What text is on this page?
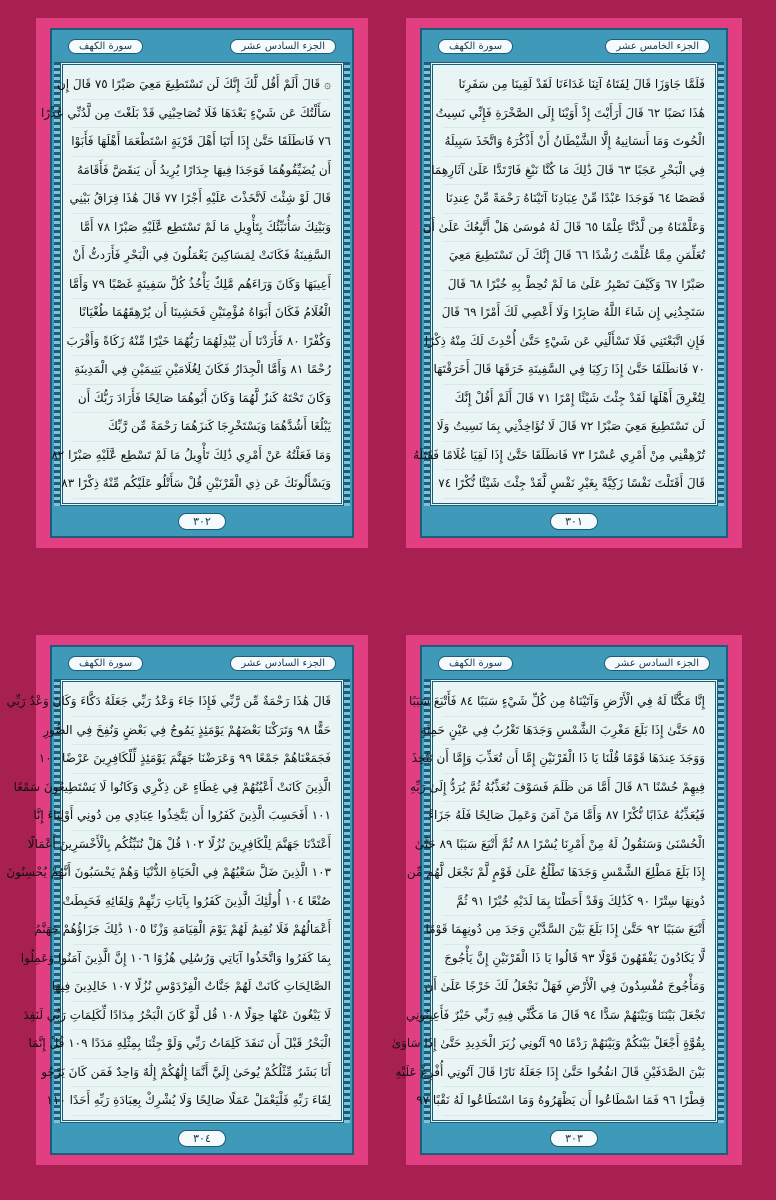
سورة الكهف	الجزء السادس عشر
۞ قَالَ أَلَمْ أَقُل لَّكَ إِنَّكَ لَن تَسْتَطِيعَ مَعِيَ صَبْرًا ٧٥ قَالَ إِن
سَأَلْتُكَ عَن شَيْءٍ بَعْدَهَا فَلَا تُصَاحِبْنِي قَدْ بَلَغْتَ مِن لَّدُنِّي عُذْرًا
٧٦ فَانطَلَقَا حَتَّىٰ إِذَا أَتَيَا أَهْلَ قَرْيَةٍ اسْتَطْعَمَا أَهْلَهَا فَأَبَوْا
أَن يُضَيِّفُوهُمَا فَوَجَدَا فِيهَا جِدَارًا يُرِيدُ أَن يَنقَضَّ فَأَقَامَهُ
قَالَ لَوْ شِئْتَ لَاتَّخَذْتَ عَلَيْهِ أَجْرًا ٧٧ قَالَ هَٰذَا فِرَاقُ بَيْنِي
وَبَيْنِكَ سَأُنَبِّئُكَ بِتَأْوِيلِ مَا لَمْ تَسْتَطِع عَّلَيْهِ صَبْرًا ٧٨ أَمَّا
السَّفِينَةُ فَكَانَتْ لِمَسَاكِينَ يَعْمَلُونَ فِي الْبَحْرِ فَأَرَدتُّ أَنْ
أَعِيبَهَا وَكَانَ وَرَاءَهُم مَّلِكٌ يَأْخُذُ كُلَّ سَفِينَةٍ غَصْبًا ٧٩ وَأَمَّا
الْغُلَامُ فَكَانَ أَبَوَاهُ مُؤْمِنَيْنِ فَخَشِينَا أَن يُرْهِقَهُمَا طُغْيَانًا
وَكُفْرًا ٨٠ فَأَرَدْنَا أَن يُبْدِلَهُمَا رَبُّهُمَا خَيْرًا مِّنْهُ زَكَاةً وَأَقْرَبَ
رُحْمًا ٨١ وَأَمَّا الْجِدَارُ فَكَانَ لِغُلَامَيْنِ يَتِيمَيْنِ فِي الْمَدِينَةِ
وَكَانَ تَحْتَهُ كَنزٌ لَّهُمَا وَكَانَ أَبُوهُمَا صَالِحًا فَأَرَادَ رَبُّكَ أَن
يَبْلُغَا أَشُدَّهُمَا وَيَسْتَخْرِجَا كَنزَهُمَا رَحْمَةً مِّن رَّبِّكَ
وَمَا فَعَلْتُهُ عَنْ أَمْرِي ذَٰلِكَ تَأْوِيلُ مَا لَمْ تَسْطِع عَّلَيْهِ صَبْرًا ٨٢
وَيَسْأَلُونَكَ عَن ذِي الْقَرْنَيْنِ قُلْ سَأَتْلُو عَلَيْكُم مِّنْهُ ذِكْرًا ٨٣
٣٠٢
سورة الكهف	الجزء الخامس عشر
فَلَمَّا جَاوَزَا قَالَ لِفَتَاهُ آتِنَا غَدَاءَنَا لَقَدْ لَقِينَا مِن سَفَرِنَا
هَٰذَا نَصَبًا ٦٢ قَالَ أَرَأَيْتَ إِذْ أَوَيْنَا إِلَى الصَّخْرَةِ فَإِنِّي نَسِيتُ
الْحُوتَ وَمَا أَنسَانِيهُ إِلَّا الشَّيْطَانُ أَنْ أَذْكُرَهُ وَاتَّخَذَ سَبِيلَهُ
فِي الْبَحْرِ عَجَبًا ٦٣ قَالَ ذَٰلِكَ مَا كُنَّا نَبْغِ فَارْتَدَّا عَلَىٰ آثَارِهِمَا
قَصَصًا ٦٤ فَوَجَدَا عَبْدًا مِّنْ عِبَادِنَا آتَيْنَاهُ رَحْمَةً مِّنْ عِندِنَا
وَعَلَّمْنَاهُ مِن لَّدُنَّا عِلْمًا ٦٥ قَالَ لَهُ مُوسَىٰ هَلْ أَتَّبِعُكَ عَلَىٰ أَن
تُعَلِّمَنِ مِمَّا عُلِّمْتَ رُشْدًا ٦٦ قَالَ إِنَّكَ لَن تَسْتَطِيعَ مَعِيَ
صَبْرًا ٦٧ وَكَيْفَ تَصْبِرُ عَلَىٰ مَا لَمْ تُحِطْ بِهِ خُبْرًا ٦٨ قَالَ
سَتَجِدُنِي إِن شَاءَ اللَّهُ صَابِرًا وَلَا أَعْصِي لَكَ أَمْرًا ٦٩ قَالَ
فَإِنِ اتَّبَعْتَنِي فَلَا تَسْأَلْنِي عَن شَيْءٍ حَتَّىٰ أُحْدِثَ لَكَ مِنْهُ ذِكْرًا
٧٠ فَانطَلَقَا حَتَّىٰ إِذَا رَكِبَا فِي السَّفِينَةِ خَرَقَهَا قَالَ أَخَرَقْتَهَا
لِتُغْرِقَ أَهْلَهَا لَقَدْ جِئْتَ شَيْئًا إِمْرًا ٧١ قَالَ أَلَمْ أَقُلْ إِنَّكَ
لَن تَسْتَطِيعَ مَعِيَ صَبْرًا ٧٢ قَالَ لَا تُؤَاخِذْنِي بِمَا نَسِيتُ وَلَا
تُرْهِقْنِي مِنْ أَمْرِي عُسْرًا ٧٣ فَانطَلَقَا حَتَّىٰ إِذَا لَقِيَا غُلَامًا فَقَتَلَهُ
قَالَ أَقَتَلْتَ نَفْسًا زَكِيَّةً بِغَيْرِ نَفْسٍ لَّقَدْ جِئْتَ شَيْئًا نُّكْرًا ٧٤
٣٠١
سورة الكهف	الجزء السادس عشر
قَالَ هَٰذَا رَحْمَةٌ مِّن رَّبِّي فَإِذَا جَاءَ وَعْدُ رَبِّي جَعَلَهُ دَكَّاءَ وَكَانَ وَعْدُ رَبِّي
حَقًّا ٩٨ وَتَرَكْنَا بَعْضَهُمْ يَوْمَئِذٍ يَمُوجُ فِي بَعْضٍ وَنُفِخَ فِي الصُّورِ
فَجَمَعْنَاهُمْ جَمْعًا ٩٩ وَعَرَضْنَا جَهَنَّمَ يَوْمَئِذٍ لِّلْكَافِرِينَ عَرْضًا ١٠٠
الَّذِينَ كَانَتْ أَعْيُنُهُمْ فِي غِطَاءٍ عَن ذِكْرِي وَكَانُوا لَا يَسْتَطِيعُونَ سَمْعًا
١٠١ أَفَحَسِبَ الَّذِينَ كَفَرُوا أَن يَتَّخِذُوا عِبَادِي مِن دُونِي أَوْلِيَاءَ إِنَّا
أَعْتَدْنَا جَهَنَّمَ لِلْكَافِرِينَ نُزُلًا ١٠٢ قُلْ هَلْ نُنَبِّئُكُم بِالْأَخْسَرِينَ أَعْمَالًا
١٠٣ الَّذِينَ ضَلَّ سَعْيُهُمْ فِي الْحَيَاةِ الدُّنْيَا وَهُمْ يَحْسَبُونَ أَنَّهُمْ يُحْسِنُونَ
صُنْعًا ١٠٤ أُولَٰئِكَ الَّذِينَ كَفَرُوا بِآيَاتِ رَبِّهِمْ وَلِقَائِهِ فَحَبِطَتْ
أَعْمَالُهُمْ فَلَا نُقِيمُ لَهُمْ يَوْمَ الْقِيَامَةِ وَزْنًا ١٠٥ ذَٰلِكَ جَزَاؤُهُمْ جَهَنَّمُ
بِمَا كَفَرُوا وَاتَّخَذُوا آيَاتِي وَرُسُلِي هُزُوًا ١٠٦ إِنَّ الَّذِينَ آمَنُوا وَعَمِلُوا
الصَّالِحَاتِ كَانَتْ لَهُمْ جَنَّاتُ الْفِرْدَوْسِ نُزُلًا ١٠٧ خَالِدِينَ فِيهَا
لَا يَبْغُونَ عَنْهَا حِوَلًا ١٠٨ قُل لَّوْ كَانَ الْبَحْرُ مِدَادًا لِّكَلِمَاتِ رَبِّي لَنَفِدَ
الْبَحْرُ قَبْلَ أَن تَنفَدَ كَلِمَاتُ رَبِّي وَلَوْ جِئْنَا بِمِثْلِهِ مَدَدًا ١٠٩ قُلْ إِنَّمَا
أَنَا بَشَرٌ مِّثْلُكُمْ يُوحَىٰ إِلَيَّ أَنَّمَا إِلَٰهُكُمْ إِلَٰهٌ وَاحِدٌ فَمَن كَانَ يَرْجُو
لِقَاءَ رَبِّهِ فَلْيَعْمَلْ عَمَلًا صَالِحًا وَلَا يُشْرِكْ بِعِبَادَةِ رَبِّهِ أَحَدًا ١١٠
٣٠٤
سورة الكهف	الجزء السادس عشر
إِنَّا مَكَّنَّا لَهُ فِي الْأَرْضِ وَآتَيْنَاهُ مِن كُلِّ شَيْءٍ سَبَبًا ٨٤ فَأَتْبَعَ سَبَبًا
٨٥ حَتَّىٰ إِذَا بَلَغَ مَغْرِبَ الشَّمْسِ وَجَدَهَا تَغْرُبُ فِي عَيْنٍ حَمِئَةٍ
وَوَجَدَ عِندَهَا قَوْمًا قُلْنَا يَا ذَا الْقَرْنَيْنِ إِمَّا أَن تُعَذِّبَ وَإِمَّا أَن تَتَّخِذَ
فِيهِمْ حُسْنًا ٨٦ قَالَ أَمَّا مَن ظَلَمَ فَسَوْفَ نُعَذِّبُهُ ثُمَّ يُرَدُّ إِلَىٰ رَبِّهِ
فَيُعَذِّبُهُ عَذَابًا نُّكْرًا ٨٧ وَأَمَّا مَنْ آمَنَ وَعَمِلَ صَالِحًا فَلَهُ جَزَاءً
الْحُسْنَىٰ وَسَنَقُولُ لَهُ مِنْ أَمْرِنَا يُسْرًا ٨٨ ثُمَّ أَتْبَعَ سَبَبًا ٨٩ حَتَّىٰ
إِذَا بَلَغَ مَطْلِعَ الشَّمْسِ وَجَدَهَا تَطْلُعُ عَلَىٰ قَوْمٍ لَّمْ نَجْعَل لَّهُم مِّن
دُونِهَا سِتْرًا ٩٠ كَذَٰلِكَ وَقَدْ أَحَطْنَا بِمَا لَدَيْهِ خُبْرًا ٩١ ثُمَّ
أَتْبَعَ سَبَبًا ٩٢ حَتَّىٰ إِذَا بَلَغَ بَيْنَ السَّدَّيْنِ وَجَدَ مِن دُونِهِمَا قَوْمًا
لَّا يَكَادُونَ يَفْقَهُونَ قَوْلًا ٩٣ قَالُوا يَا ذَا الْقَرْنَيْنِ إِنَّ يَأْجُوجَ
وَمَأْجُوجَ مُفْسِدُونَ فِي الْأَرْضِ فَهَلْ نَجْعَلُ لَكَ خَرْجًا عَلَىٰ أَن
تَجْعَلَ بَيْنَنَا وَبَيْنَهُمْ سَدًّا ٩٤ قَالَ مَا مَكَّنِّي فِيهِ رَبِّي خَيْرٌ فَأَعِينُونِي
بِقُوَّةٍ أَجْعَلْ بَيْنَكُمْ وَبَيْنَهُمْ رَدْمًا ٩٥ آتُونِي زُبَرَ الْحَدِيدِ حَتَّىٰ إِذَا سَاوَىٰ
بَيْنَ الصَّدَفَيْنِ قَالَ انفُخُوا حَتَّىٰ إِذَا جَعَلَهُ نَارًا قَالَ آتُونِي أُفْرِغْ عَلَيْهِ
قِطْرًا ٩٦ فَمَا اسْطَاعُوا أَن يَظْهَرُوهُ وَمَا اسْتَطَاعُوا لَهُ نَقْبًا ٩٧
٣٠٣
